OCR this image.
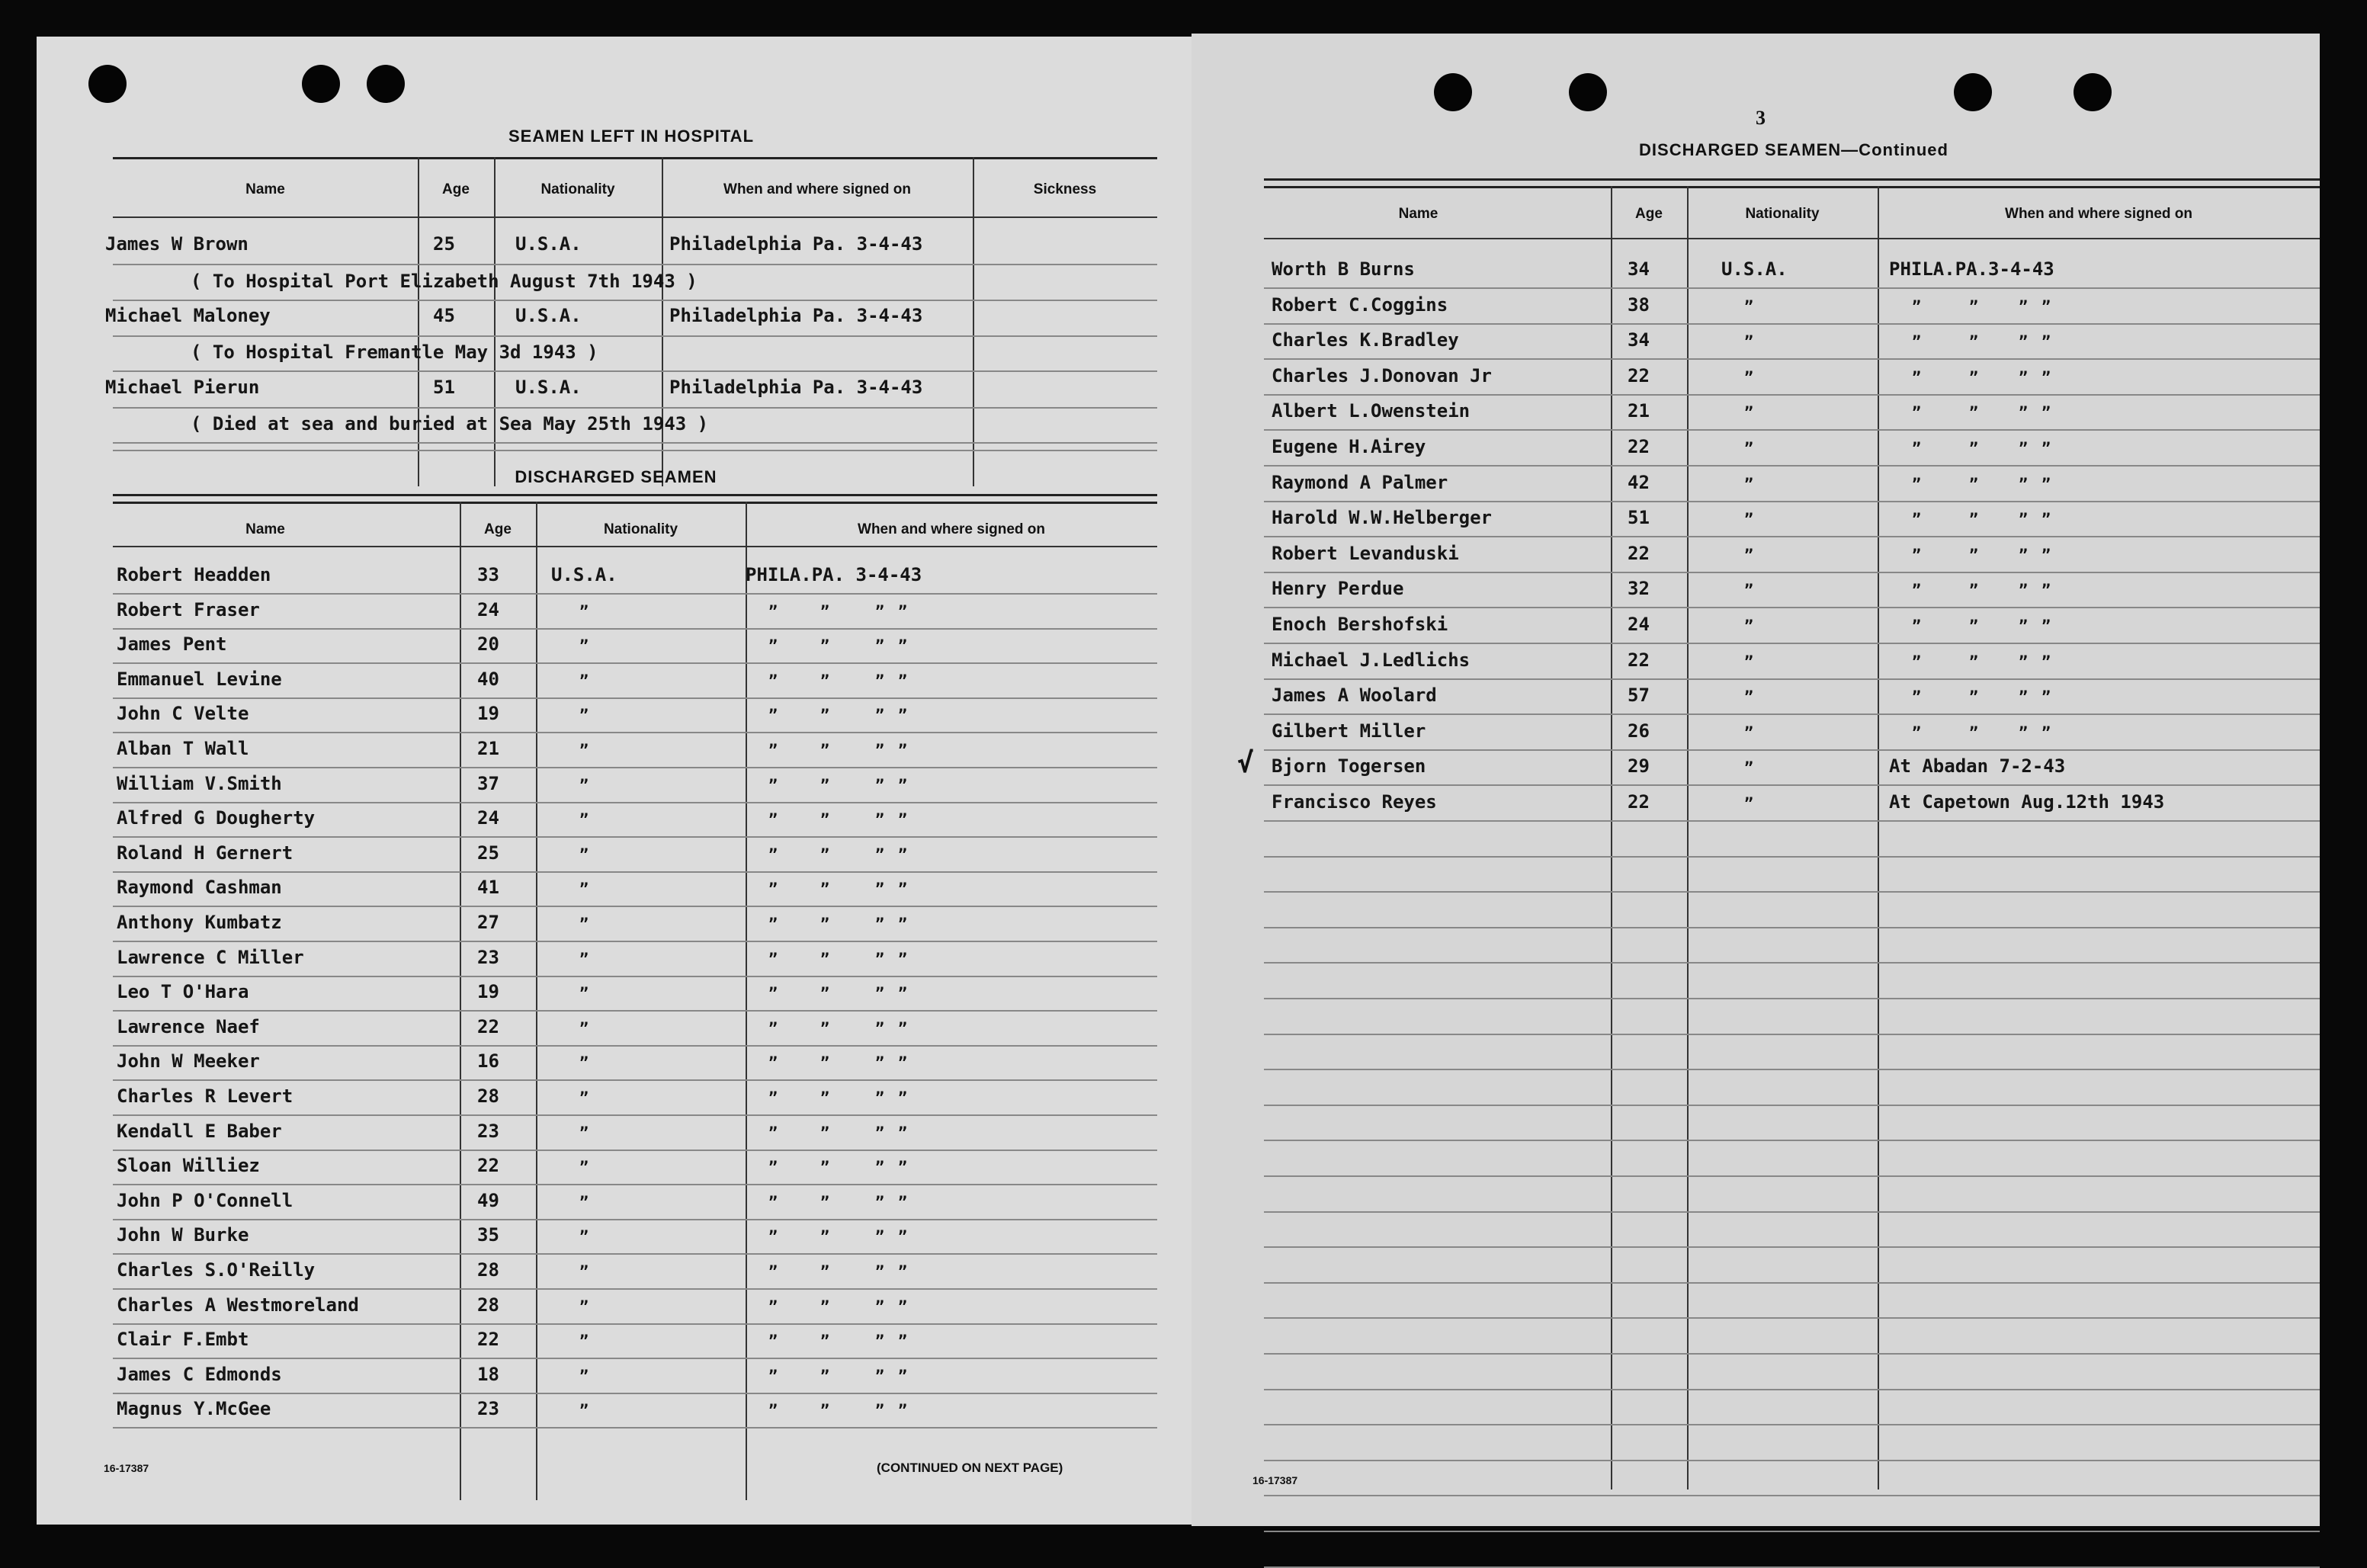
SEAMEN LEFT IN HOSPITAL
Name	Age	Nationality	When and where signed on	Sickness
James W Brown	25	U.S.A.	Philadelphia Pa. 3-4-43
( To Hospital Port Elizabeth August 7th 1943 )
Michael Maloney	45	U.S.A.	Philadelphia Pa. 3-4-43
( To Hospital Fremantle May 3d 1943 )
Michael Pierun	51	U.S.A.	Philadelphia Pa. 3-4-43
( Died at sea and buried at Sea May 25th 1943 )
DISCHARGED SEAMEN
Name	Age	Nationality	When and where signed on
Robert Headden	33	U.S.A.	PHILA.PA. 3-4-43
Robert Fraser	24	”	”	”	” ”
James Pent	20	”	”	”	” ”
Emmanuel Levine	40	”	”	”	” ”
John C Velte	19	”	”	”	” ”
Alban T Wall	21	”	”	”	” ”
William V.Smith	37	”	”	”	” ”
Alfred G Dougherty	24	”	”	”	” ”
Roland H Gernert	25	”	”	”	” ”
Raymond Cashman	41	”	”	”	” ”
Anthony Kumbatz	27	”	”	”	” ”
Lawrence C Miller	23	”	”	”	” ”
Leo T O'Hara	19	”	”	”	” ”
Lawrence Naef	22	”	”	”	” ”
John W Meeker	16	”	”	”	” ”
Charles R Levert	28	”	”	”	” ”
Kendall E Baber	23	”	”	”	” ”
Sloan Williez	22	”	”	”	” ”
John P O'Connell	49	”	”	”	” ”
John W Burke	35	”	”	”	” ”
Charles S.O'Reilly	28	”	”	”	” ”
Charles A Westmoreland	28	”	”	”	” ”
Clair F.Embt	22	”	”	”	” ”
James C Edmonds	18	”	”	”	” ”
Magnus Y.McGee	23	”	”	”	” ”
16-17387	(CONTINUED ON NEXT PAGE)
3
DISCHARGED SEAMEN—Continued
Name	Age	Nationality	When and where signed on
Worth B Burns	34	U.S.A.	PHILA.PA.3-4-43
Robert C.Coggins	38	”	”	”	” ”
Charles K.Bradley	34	”	”	”	” ”
Charles J.Donovan Jr	22	”	”	”	” ”
Albert L.Owenstein	21	”	”	”	” ”
Eugene H.Airey	22	”	”	”	” ”
Raymond A Palmer	42	”	”	”	” ”
Harold W.W.Helberger	51	”	”	”	” ”
Robert Levanduski	22	”	”	”	” ”
Henry Perdue	32	”	”	”	” ”
Enoch Bershofski	24	”	”	”	” ”
Michael J.Ledlichs	22	”	”	”	” ”
James A Woolard	57	”	”	”	” ”
Gilbert Miller	26	”	”	”	” ”
Bjorn Togersen	29	”	At Abadan 7-2-43
Francisco Reyes	22	”	At Capetown Aug.12th 1943
√
16-17387
